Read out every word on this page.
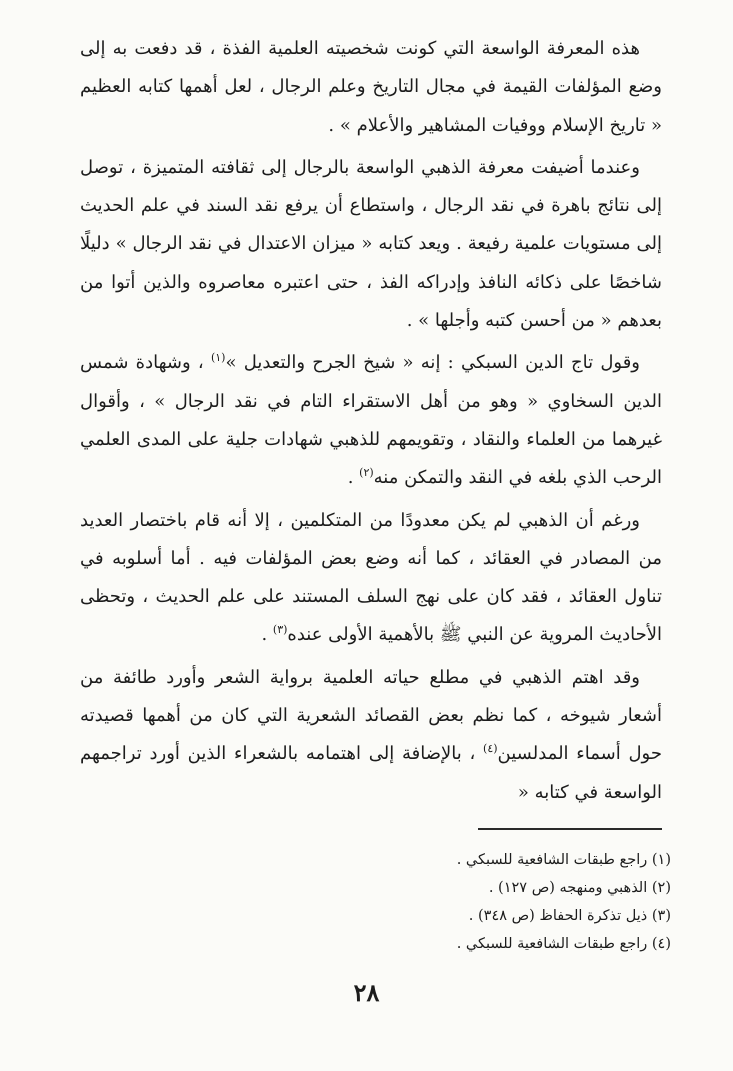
هذه المعرفة الواسعة التي كونت شخصيته العلمية الفذة ، قد دفعت به إلى وضع المؤلفات القيمة في مجال التاريخ وعلم الرجال ، لعل أهمها كتابه العظيم « تاريخ الإسلام ووفيات المشاهير والأعلام » .

وعندما أضيفت معرفة الذهبي الواسعة بالرجال إلى ثقافته المتميزة ، توصل إلى نتائج باهرة في نقد الرجال ، واستطاع أن يرفع نقد السند في علم الحديث إلى مستويات علمية رفيعة . ويعد كتابه « ميزان الاعتدال في نقد الرجال » دليلًا شاخصًا على ذكائه النافذ وإدراكه الفذ ، حتى اعتبره معاصروه والذين أتوا من بعدهم « من أحسن كتبه وأجلها » .

وقول تاج الدين السبكي : إنه « شيخ الجرح والتعديل »$^{(١)}$ ، وشهادة شمس الدين السخاوي « وهو من أهل الاستقراء التام في نقد الرجال » ، وأقوال غيرهما من العلماء والنقاد ، وتقويمهم للذهبي شهادات جلية على المدى العلمي الرحب الذي بلغه في النقد والتمكن منه$^{(٢)}$ .

ورغم أن الذهبي لم يكن معدودًا من المتكلمين ، إلا أنه قام باختصار العديد من المصادر في العقائد ، كما أنه وضع بعض المؤلفات فيه . أما أسلوبه في تناول العقائد ، فقد كان على نهج السلف المستند على علم الحديث ، وتحظى الأحاديث المروية عن النبي ﷺ بالأهمية الأولى عنده$^{(٣)}$ .

وقد اهتم الذهبي في مطلع حياته العلمية برواية الشعر وأورد طائفة من أشعار شيوخه ، كما نظم بعض القصائد الشعرية التي كان من أهمها قصيدته حول أسماء المدلسين$^{(٤)}$ ، بالإضافة إلى اهتمامه بالشعراء الذين أورد تراجمهم الواسعة في كتابه «

(١) راجع طبقات الشافعية للسبكي .

(٢) الذهبي ومنهجه (ص ١٢٧) .

(٣) ذيل تذكرة الحفاظ (ص ٣٤٨) .

(٤) راجع طبقات الشافعية للسبكي .

٢٨
